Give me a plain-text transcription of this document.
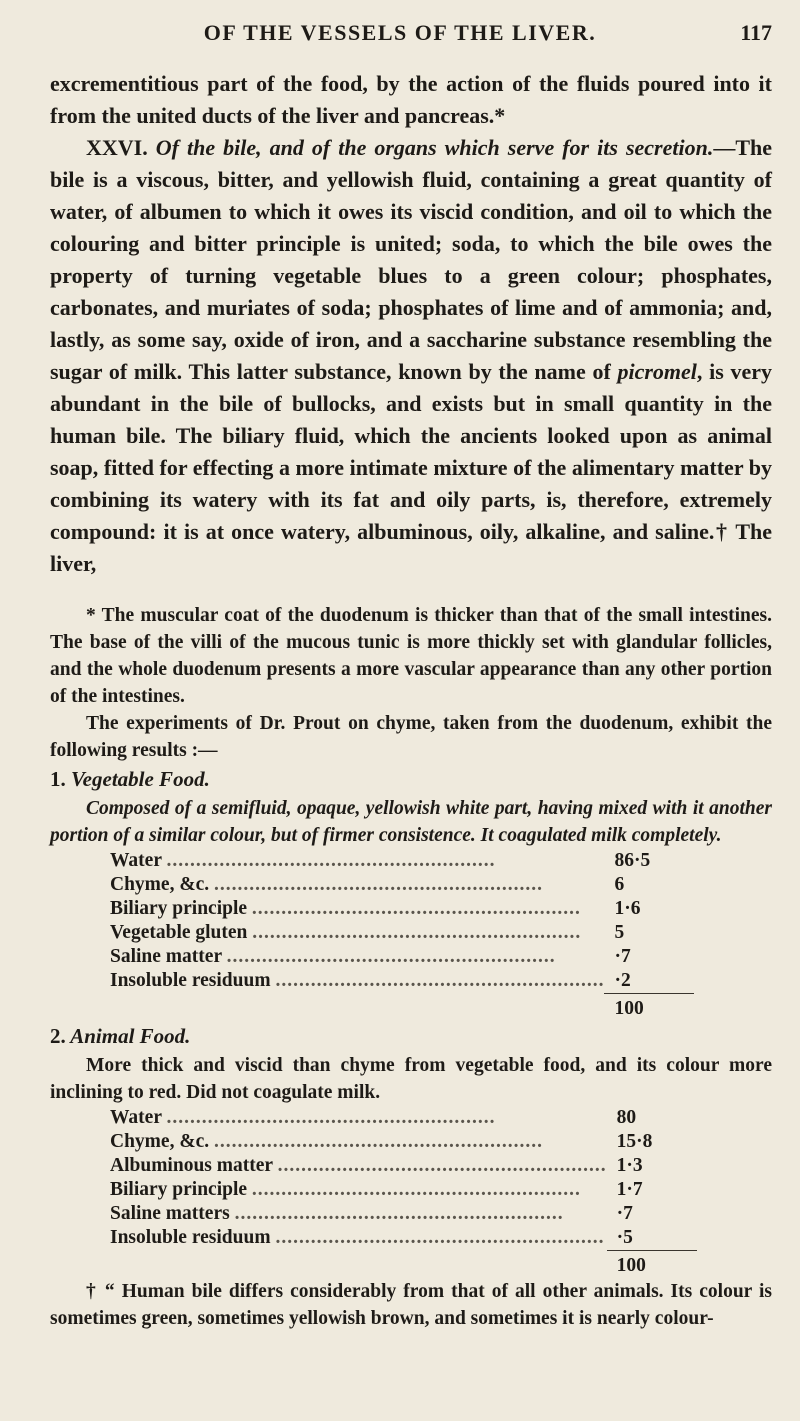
OF THE VESSELS OF THE LIVER.	117

excrementitious part of the food, by the action of the fluids poured into it from the united ducts of the liver and pancreas.*

XXVI. Of the bile, and of the organs which serve for its secretion.—The bile is a viscous, bitter, and yellowish fluid, containing a great quantity of water, of albumen to which it owes its viscid condition, and oil to which the colouring and bitter principle is united; soda, to which the bile owes the property of turning vegetable blues to a green colour; phosphates, carbonates, and muriates of soda; phosphates of lime and of ammonia; and, lastly, as some say, oxide of iron, and a saccharine substance resembling the sugar of milk. This latter substance, known by the name of picromel, is very abundant in the bile of bullocks, and exists but in small quantity in the human bile. The biliary fluid, which the ancients looked upon as animal soap, fitted for effecting a more intimate mixture of the alimentary matter by combining its watery with its fat and oily parts, is, therefore, extremely compound: it is at once watery, albuminous, oily, alkaline, and saline.† The liver,

* The muscular coat of the duodenum is thicker than that of the small intestines. The base of the villi of the mucous tunic is more thickly set with glandular follicles, and the whole duodenum presents a more vascular appearance than any other portion of the intestines.

The experiments of Dr. Prout on chyme, taken from the duodenum, exhibit the following results :—

1. Vegetable Food.

Composed of a semifluid, opaque, yellowish white part, having mixed with it another portion of a similar colour, but of firmer consistence. It coagulated milk completely.

Water ........................................................	86·5
Chyme, &c. ........................................................	6
Biliary principle ........................................................	1·6
Vegetable gluten ........................................................	5
Saline matter ........................................................	·7
Insoluble residuum ........................................................	·2
	100

2. Animal Food.

More thick and viscid than chyme from vegetable food, and its colour more inclining to red. Did not coagulate milk.

Water ........................................................	80
Chyme, &c. ........................................................	15·8
Albuminous matter ........................................................	1·3
Biliary principle ........................................................	1·7
Saline matters ........................................................	·7
Insoluble residuum ........................................................	·5
	100

† “ Human bile differs considerably from that of all other animals. Its colour is sometimes green, sometimes yellowish brown, and sometimes it is nearly colour-
